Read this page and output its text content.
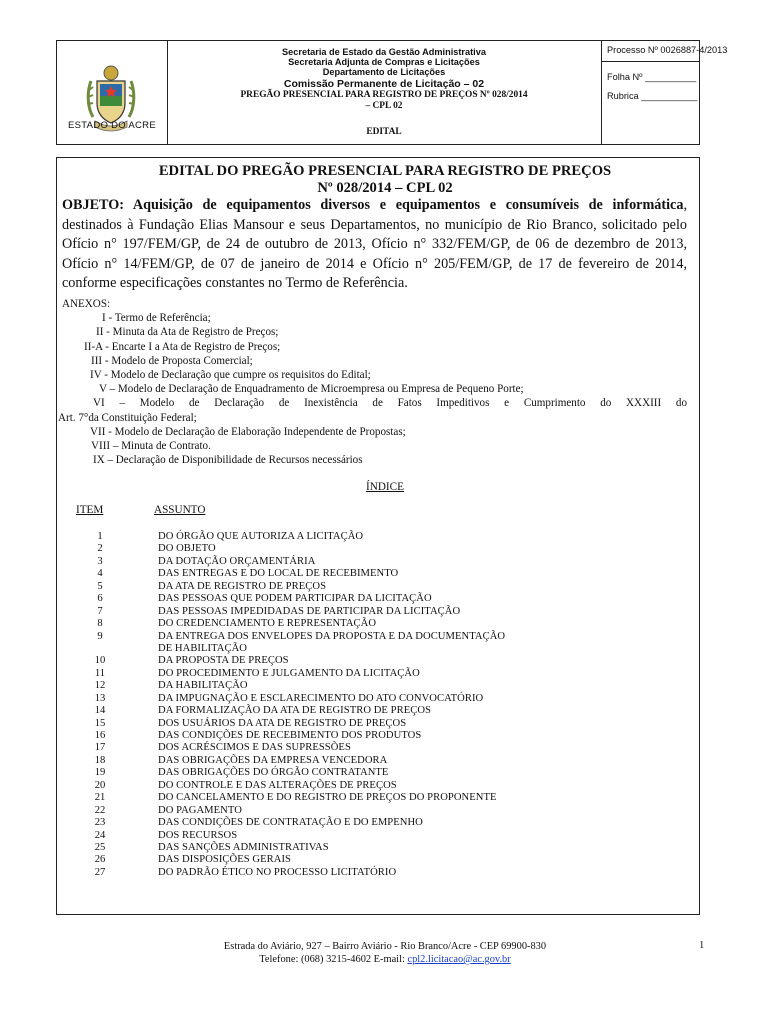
ESTADO DO ACRE
Secretaria de Estado da Gestão Administrativa
Secretaria Adjunta de Compras e Licitações
Departamento de Licitações
Comissão Permanente de Licitação – 02
PREGÃO PRESENCIAL PARA REGISTRO DE PREÇOS Nº 028/2014
– CPL 02
EDITAL
Processo Nº 0026887-4/2013
Folha Nº __________
Rubrica ___________
EDITAL DO PREGÃO PRESENCIAL PARA REGISTRO DE PREÇOS
Nº 028/2014 – CPL 02
OBJETO: Aquisição de equipamentos diversos e equipamentos e consumíveis de informática, destinados à Fundação Elias Mansour e seus Departamentos, no município de Rio Branco, solicitado pelo Ofício n° 197/FEM/GP, de 24 de outubro de 2013, Ofício n° 332/FEM/GP, de 06 de dezembro de 2013, Ofício n° 14/FEM/GP, de 07 de janeiro de 2014 e Ofício n° 205/FEM/GP, de 17 de fevereiro de 2014, conforme especificações constantes no Termo de Referência.
ANEXOS:
I - Termo de Referência;
II - Minuta da Ata de Registro de Preços;
II-A - Encarte I a Ata de Registro de Preços;
III - Modelo de Proposta Comercial;
IV - Modelo de Declaração que cumpre os requisitos do Edital;
V – Modelo de Declaração de Enquadramento de Microempresa ou Empresa de Pequeno Porte;
VI – Modelo de Declaração de Inexistência de Fatos Impeditivos e Cumprimento do XXXIII do
Art. 7°da Constituição Federal;
VII - Modelo de Declaração de Elaboração Independente de Propostas;
VIII – Minuta de Contrato.
IX – Declaração de Disponibilidade de Recursos necessários
ÍNDICE
ITEM	ASSUNTO
1	DO ÓRGÃO QUE AUTORIZA A LICITAÇÃO
2	DO OBJETO
3	DA DOTAÇÃO ORÇAMENTÁRIA
4	DAS ENTREGAS E DO LOCAL DE RECEBIMENTO
5	DA ATA DE REGISTRO DE PREÇOS
6	DAS PESSOAS QUE PODEM PARTICIPAR DA LICITAÇÃO
7	DAS PESSOAS IMPEDIDADAS DE PARTICIPAR DA LICITAÇÃO
8	DO CREDENCIAMENTO E REPRESENTAÇÃO
9	DA ENTREGA DOS ENVELOPES DA PROPOSTA E DA DOCUMENTAÇÃO
DE HABILITAÇÃO
10	DA PROPOSTA DE PREÇOS
11	DO PROCEDIMENTO E JULGAMENTO DA LICITAÇÃO
12	DA HABILITAÇÃO
13	DA IMPUGNAÇÃO E ESCLARECIMENTO DO ATO CONVOCATÓRIO
14	DA FORMALIZAÇÃO DA ATA DE REGISTRO DE PREÇOS
15	DOS USUÁRIOS DA ATA DE REGISTRO DE PREÇOS
16	DAS CONDIÇÕES DE RECEBIMENTO DOS PRODUTOS
17	DOS ACRÉSCIMOS E DAS SUPRESSÕES
18	DAS OBRIGAÇÕES DA EMPRESA VENCEDORA
19	DAS OBRIGAÇÕES DO ÓRGÃO CONTRATANTE
20	DO CONTROLE E DAS ALTERAÇÕES DE PREÇOS
21	DO CANCELAMENTO E DO REGISTRO DE PREÇOS DO PROPONENTE
22	DO PAGAMENTO
23	DAS CONDIÇÕES DE CONTRATAÇÃO E DO EMPENHO
24	DOS RECURSOS
25	DAS SANÇÕES ADMINISTRATIVAS
26	DAS DISPOSIÇÕES GERAIS
27	DO PADRÃO ÉTICO NO PROCESSO LICITATÓRIO
Estrada do Aviário, 927 – Bairro Aviário - Rio Branco/Acre - CEP 69900-830
Telefone: (068) 3215-4602 E-mail: cpl2.licitacao@ac.gov.br
1
